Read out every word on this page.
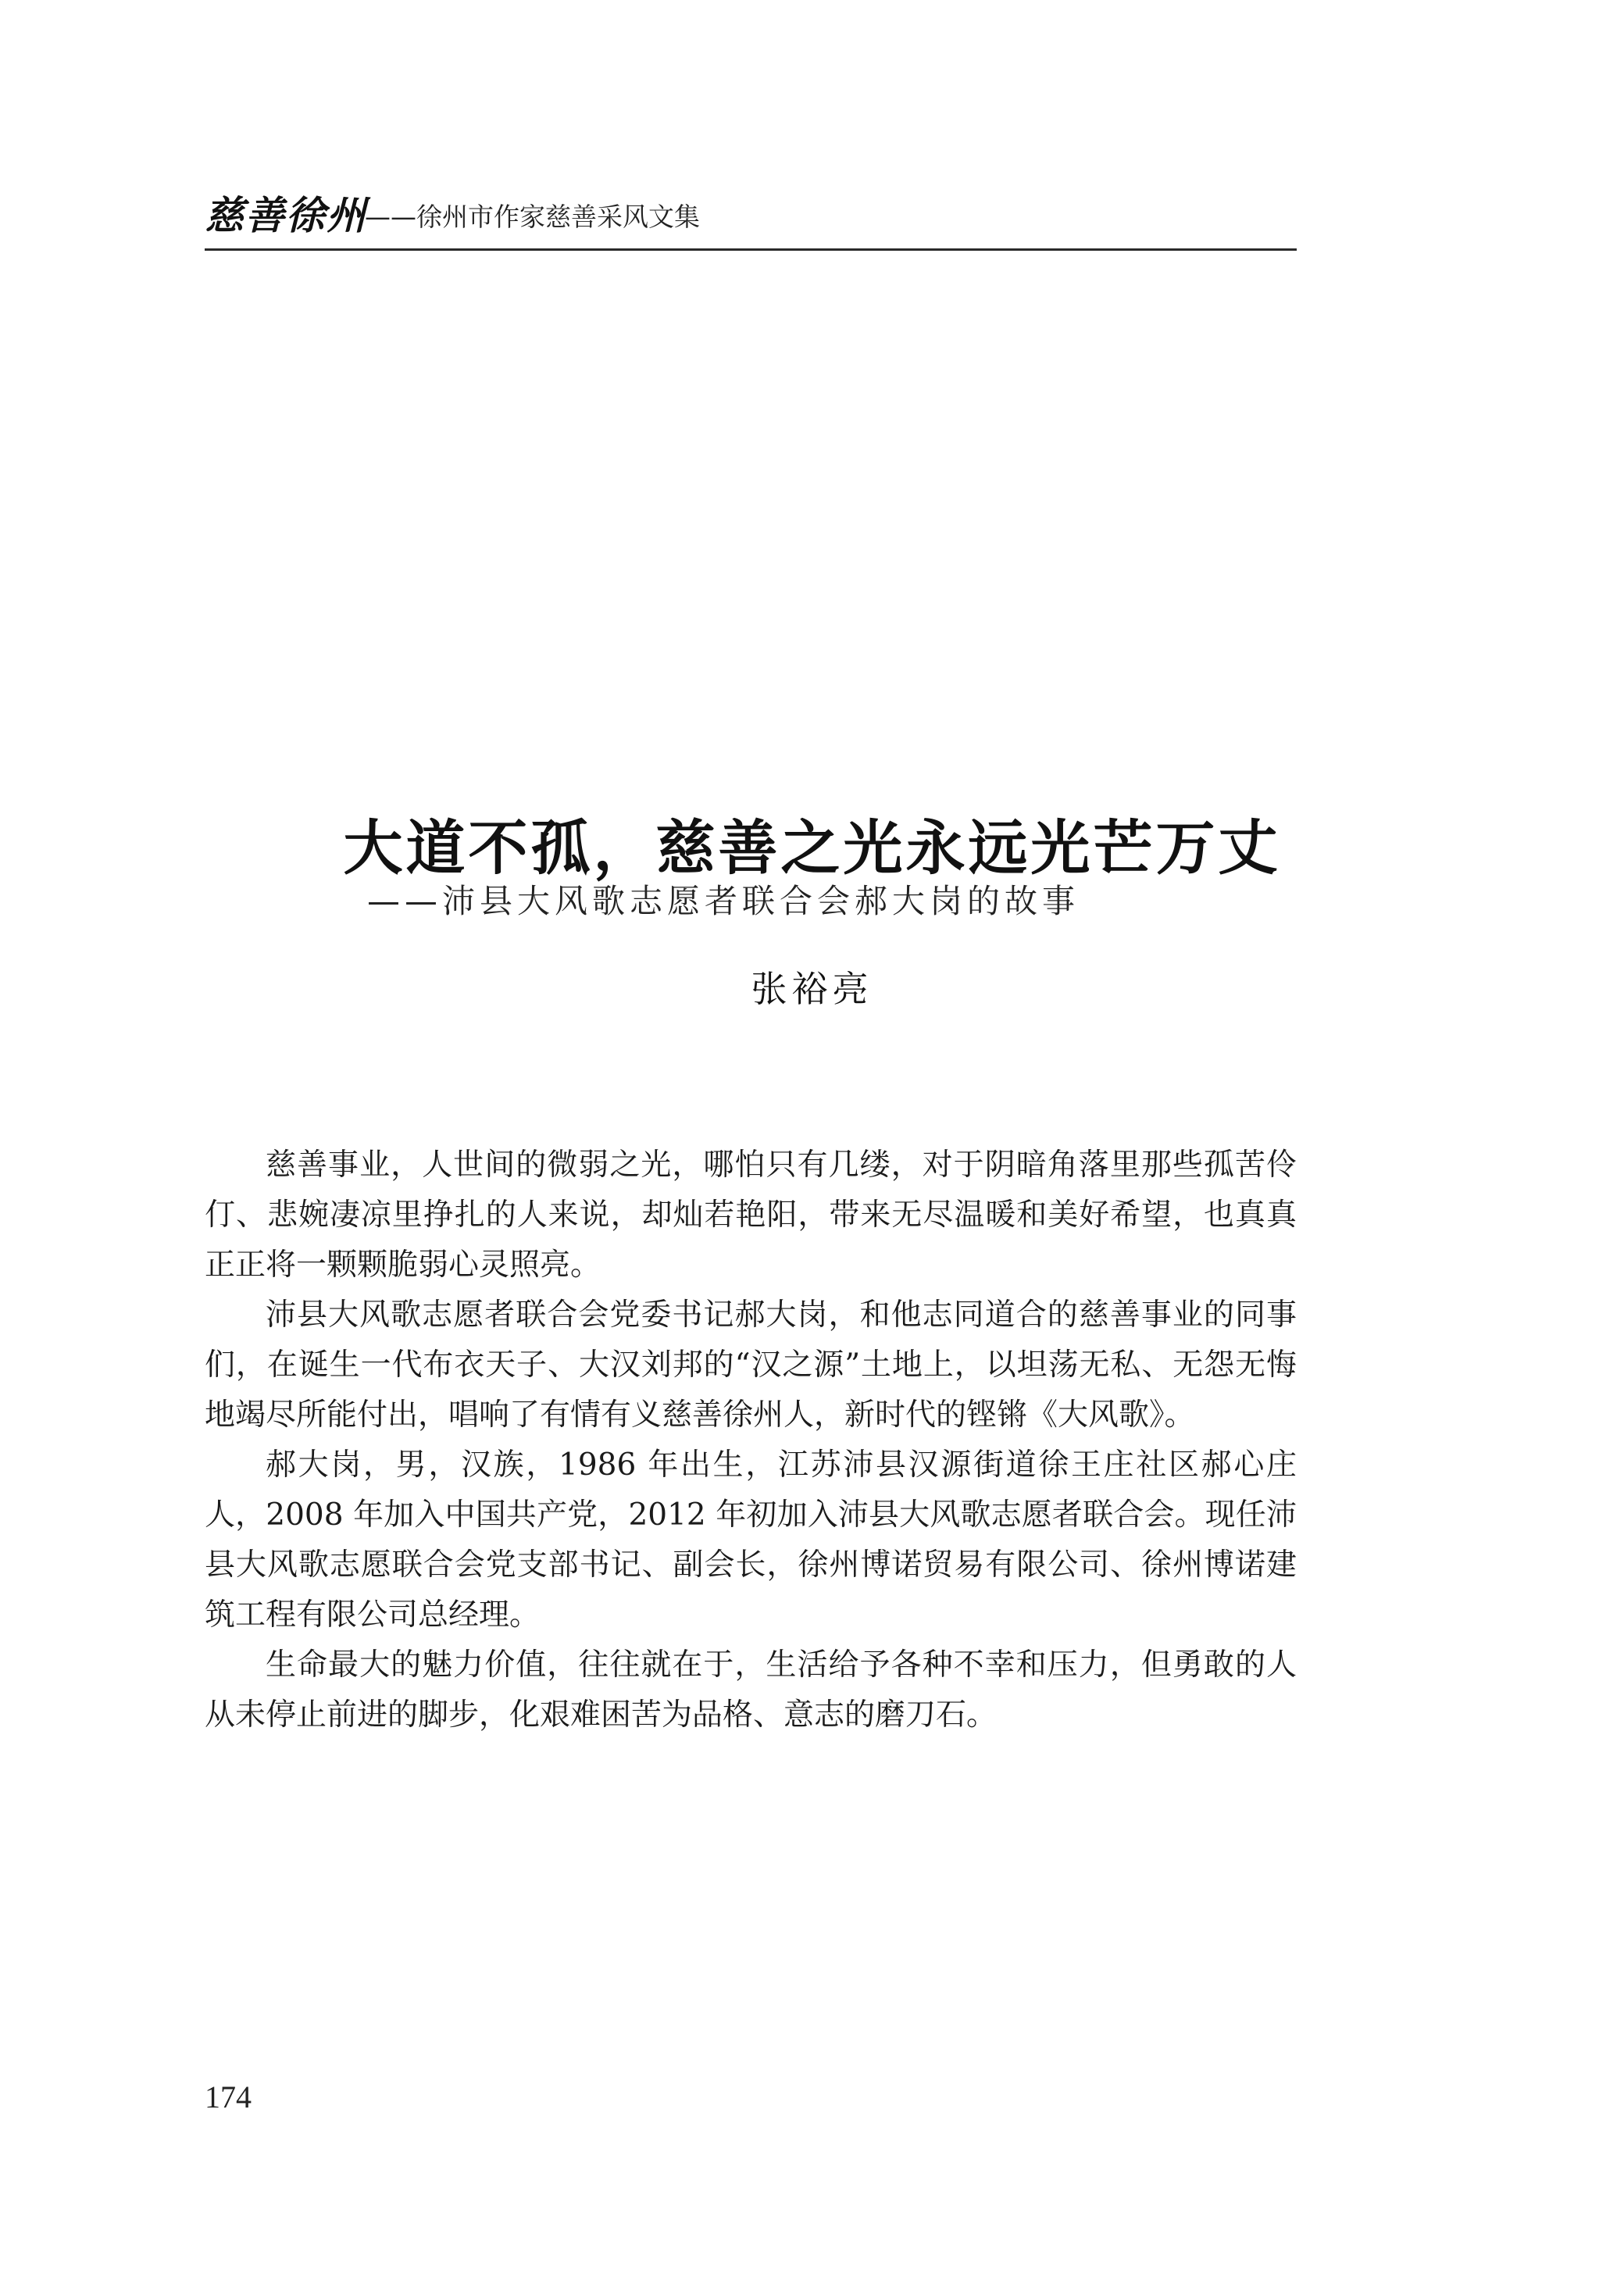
慈善徐州
——徐州市作家慈善采风文集
大道不孤，慈善之光永远光芒万丈
——沛县大风歌志愿者联合会郝大岗的故事
张裕亮

慈善事业，人世间的微弱之光，哪怕只有几缕，对于阴暗角落里那些孤苦伶仃、悲婉凄凉里挣扎的人来说，却灿若艳阳，带来无尽温暖和美好希望，也真真正正将一颗颗脆弱心灵照亮。

沛县大风歌志愿者联合会党委书记郝大岗，和他志同道合的慈善事业的同事们，在诞生一代布衣天子、大汉刘邦的“汉之源”土地上，以坦荡无私、无怨无悔地竭尽所能付出，唱响了有情有义慈善徐州人，新时代的铿锵《大风歌》。

郝大岗，男，汉族，1986 年出生，江苏沛县汉源街道徐王庄社区郝心庄人，2008 年加入中国共产党，2012 年初加入沛县大风歌志愿者联合会。现任沛县大风歌志愿联合会党支部书记、副会长，徐州博诺贸易有限公司、徐州博诺建筑工程有限公司总经理。

生命最大的魅力价值，往往就在于，生活给予各种不幸和压力，但勇敢的人从未停止前进的脚步，化艰难困苦为品格、意志的磨刀石。

174
